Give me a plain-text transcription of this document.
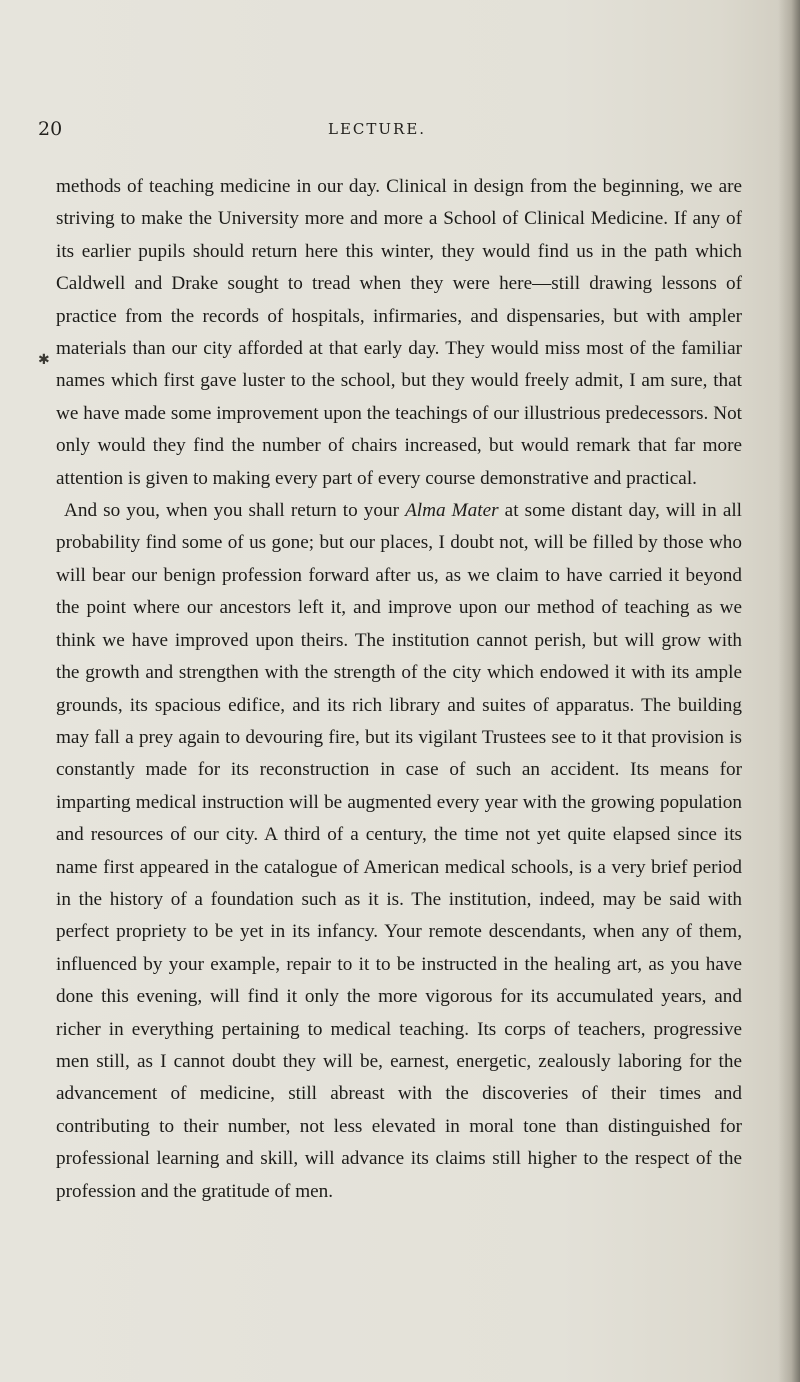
20	LECTURE.
✱

methods of teaching medicine in our day. Clinical in design from the beginning, we are striving to make the University more and more a School of Clinical Medicine. If any of its earlier pupils should return here this winter, they would find us in the path which Caldwell and Drake sought to tread when they were here—still drawing lessons of practice from the records of hospitals, infirmaries, and dispensaries, but with ampler materials than our city afforded at that early day. They would miss most of the familiar names which first gave luster to the school, but they would freely admit, I am sure, that we have made some improvement upon the teachings of our illustrious predecessors. Not only would they find the number of chairs increased, but would remark that far more attention is given to making every part of every course demonstrative and practical.

And so you, when you shall return to your Alma Mater at some distant day, will in all probability find some of us gone; but our places, I doubt not, will be filled by those who will bear our benign profession forward after us, as we claim to have carried it beyond the point where our ancestors left it, and improve upon our method of teaching as we think we have improved upon theirs. The institution cannot perish, but will grow with the growth and strengthen with the strength of the city which endowed it with its ample grounds, its spacious edifice, and its rich library and suites of apparatus. The building may fall a prey again to devouring fire, but its vigilant Trustees see to it that provision is constantly made for its reconstruction in case of such an accident. Its means for imparting medical instruction will be augmented every year with the growing population and resources of our city. A third of a century, the time not yet quite elapsed since its name first appeared in the catalogue of American medical schools, is a very brief period in the history of a foundation such as it is. The institution, indeed, may be said with perfect propriety to be yet in its infancy. Your remote descendants, when any of them, influenced by your example, repair to it to be instructed in the healing art, as you have done this evening, will find it only the more vigorous for its accumulated years, and richer in everything pertaining to medical teaching. Its corps of teachers, progressive men still, as I cannot doubt they will be, earnest, energetic, zealously laboring for the advancement of medicine, still abreast with the discoveries of their times and contributing to their number, not less elevated in moral tone than distinguished for professional learning and skill, will advance its claims still higher to the respect of the profession and the gratitude of men.
